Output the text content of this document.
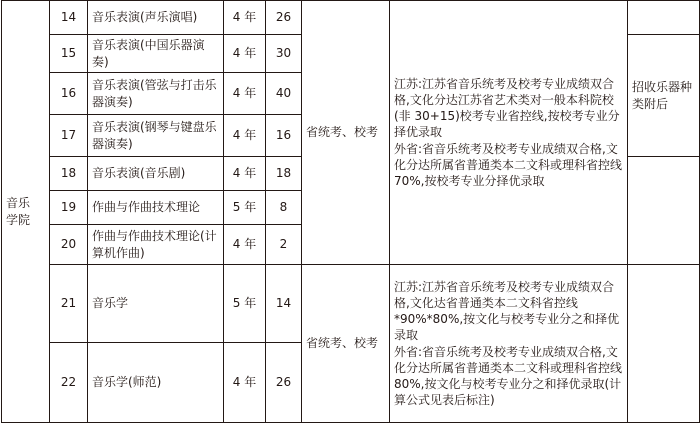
音乐
学院	14	音乐表演(声乐演唱)	4 年	26	省统考、校考	江苏:江苏省音乐统考及校考专业成绩双合格,文化分达江苏省艺术类对一般本科院校(非 30+15)校考专业省控线,按校考专业分择优录取
外省:省音乐统考及校考专业成绩双合格,文化分达所属省普通类本二文科或理科省控线 70%,按校考专业分择优录取	

	15	音乐表演(中国乐器演奏)	4 年	30			招收乐器种类附后
	16	音乐表演(管弦与打击乐器演奏)	4 年	40			
	17	音乐表演(钢琴与键盘乐器演奏)	4 年	16			
	18	音乐表演(音乐剧)	4 年	18			
	19	作曲与作曲技术理论	5 年	8			
	20	作曲与作曲技术理论(计算机作曲)	4 年	2			
	21	音乐学	5 年	14	省统考、校考	江苏:江苏省音乐统考及校考专业成绩双合格,文化达省普通类本二文科省控线*90%*80%,按文化与校考专业分之和择优录取
外省:省音乐统考及校考专业成绩双合格,文化分达所属省普通类本二文科或理科省控线 80%,按文化与校考专业分之和择优录取(计算公式见表后标注)	

	22	音乐学(师范)	4 年	26			
